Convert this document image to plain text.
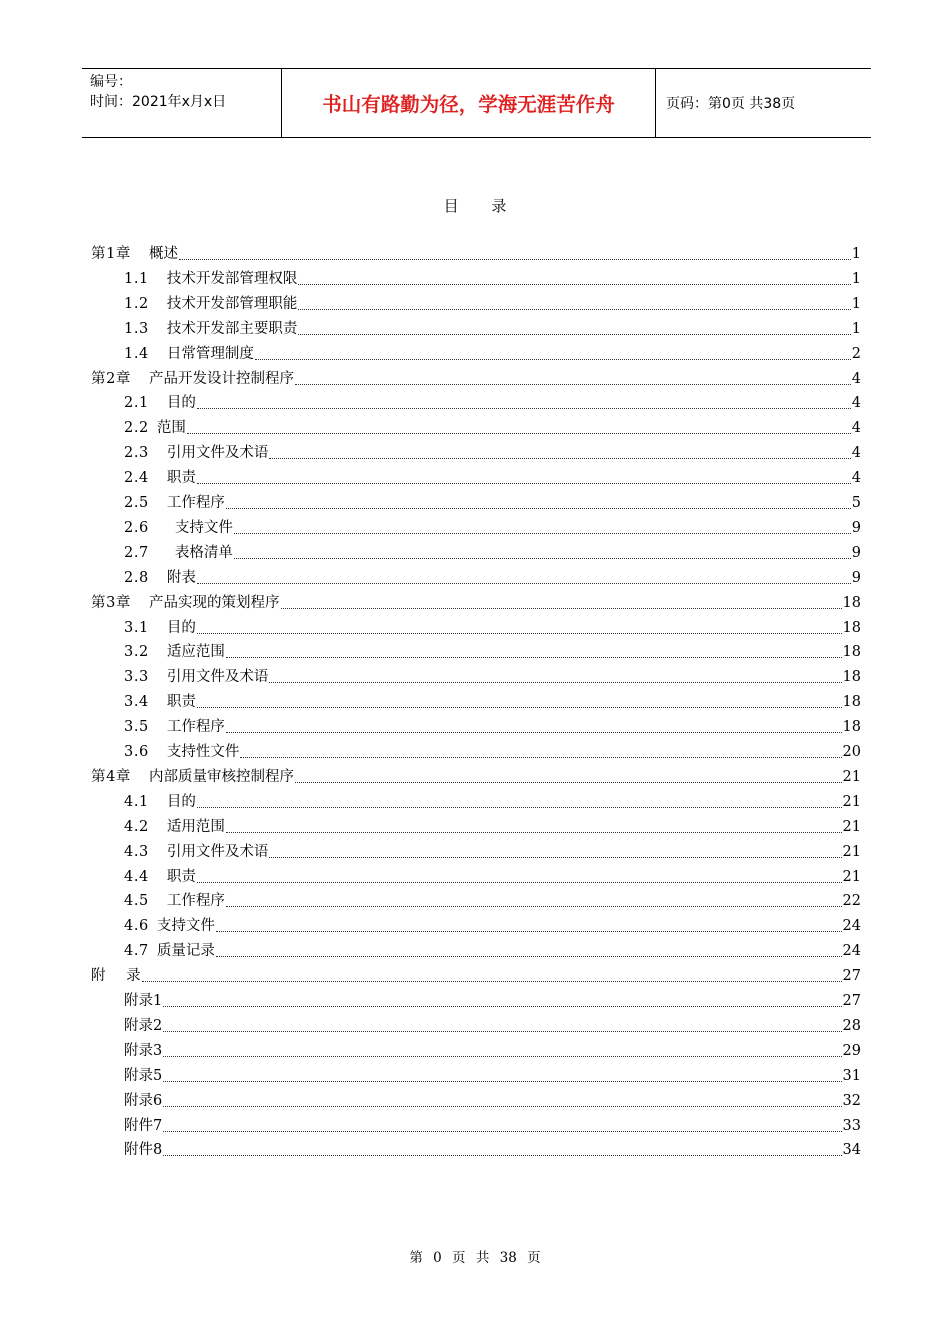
编号：
时间：2021年x月x日	书山有路勤为径，学海无涯苦作舟	页码：第0页 共38页
目 录
第1章 概述	1
1.1 技术开发部管理权限	1
1.2 技术开发部管理职能	1
1.3 技术开发部主要职责	1
1.4 日常管理制度	2
第2章 产品开发设计控制程序	4
2.1 目的	4
2.2 范围	4
2.3 引用文件及术语	4
2.4 职责	4
2.5 工作程序	5
2.6 支持文件	9
2.7 表格清单	9
2.8 附表	9
第3章 产品实现的策划程序	18
3.1 目的	18
3.2 适应范围	18
3.3 引用文件及术语	18
3.4 职责	18
3.5 工作程序	18
3.6 支持性文件	20
第4章 内部质量审核控制程序	21
4.1 目的	21
4.2 适用范围	21
4.3 引用文件及术语	21
4.4 职责	21
4.5 工作程序	22
4.6 支持文件	24
4.7 质量记录	24
附 录	27
附录1	27
附录2	28
附录3	29
附录5	31
附录6	32
附件7	33
附件8	34
第 0 页 共 38 页
